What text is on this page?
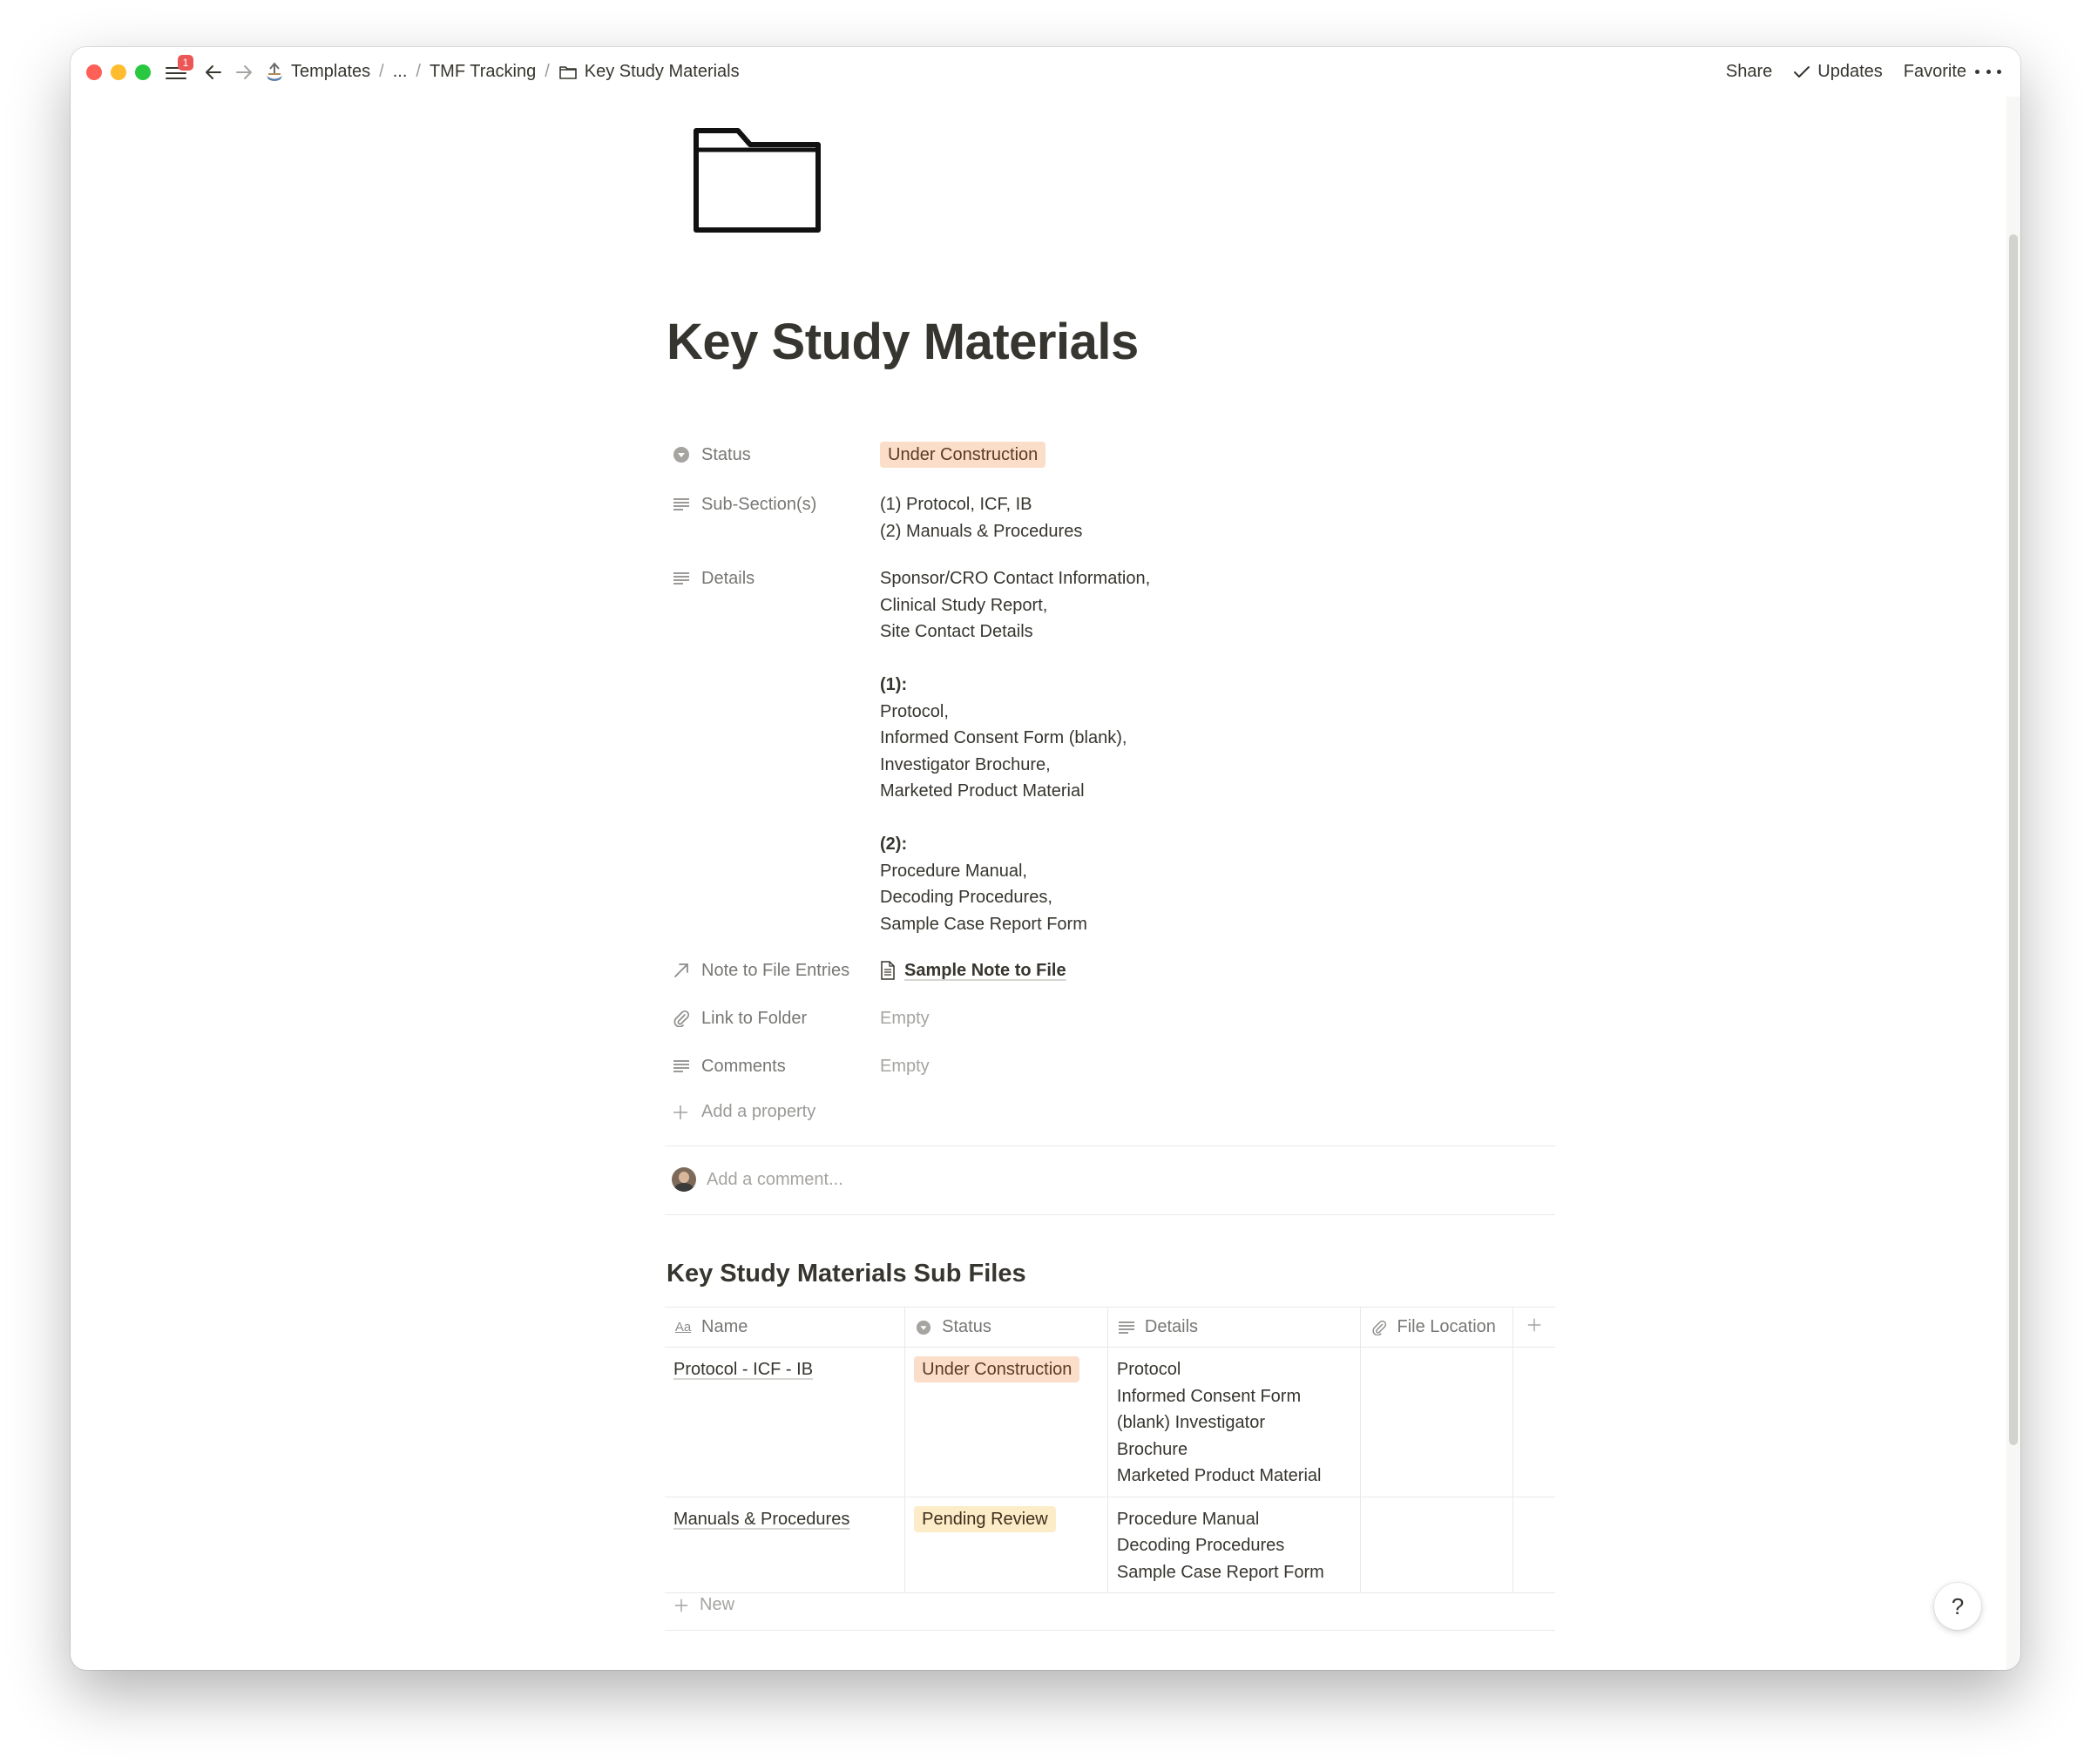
1	Templates / ... / TMF Tracking / Key Study Materials	Share	Updates Favorite
Key Study Materials
Status	Under Construction
Sub-Section(s)	(1) Protocol, ICF, IB
(2) Manuals & Procedures
Details	Sponsor/CRO Contact Information,
Clinical Study Report,
Site Contact Details
(1):
Protocol,
Informed Consent Form (blank),
Investigator Brochure,
Marketed Product Material
(2):
Procedure Manual,
Decoding Procedures,
Sample Case Report Form
Note to File Entries	Sample Note to File
Link to Folder	Empty
Comments	Empty
Add a property
Add a comment...
Key Study Materials Sub Files
Aa Name	Status	Details	File Location

Protocol - ICF - IB	Under Construction	Protocol
Informed Consent Form
(blank) Investigator
Brochure
Marketed Product Material		

Manuals & Procedures	Pending Review	Procedure Manual
Decoding Procedures
Sample Case Report Form		

New	?
